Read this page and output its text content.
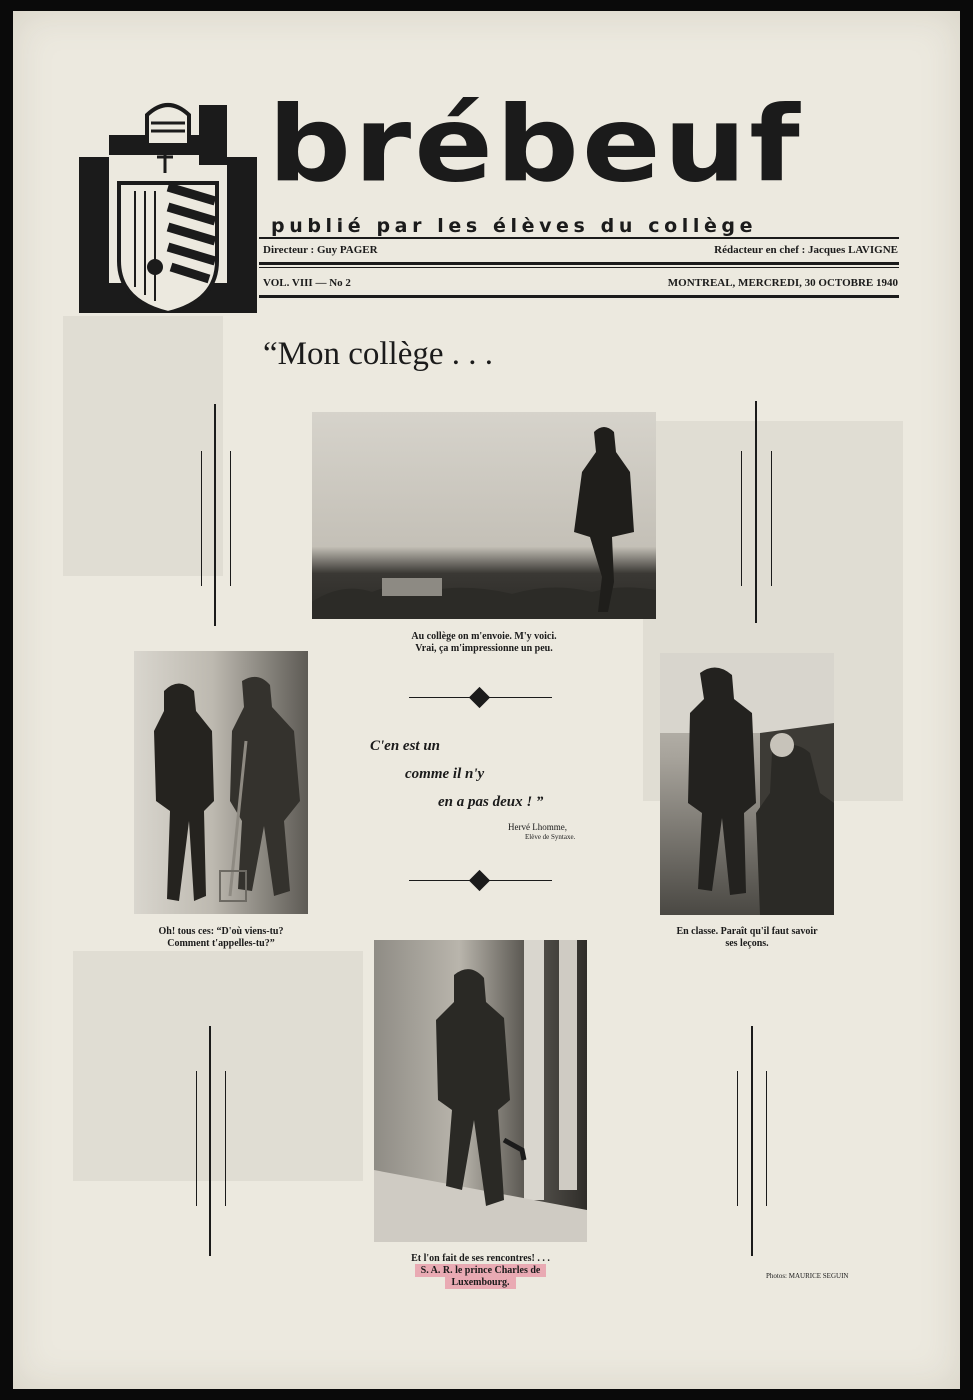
brébeuf
publié par les élèves du collège
Directeur : Guy PAGER	Rédacteur en chef : Jacques LAVIGNE
VOL. VIII — No 2	MONTREAL, MERCREDI, 30 OCTOBRE 1940
“Mon collège . . .
Au collège on m'envoie. M'y voici.
Vrai, ça m'impressionne un peu.
Oh! tous ces: “D'où viens-tu?
Comment t'appelles-tu?”
C'en est un
comme il n'y
en a pas deux ! ”
Hervé Lhomme,
Elève de Syntaxe.
En classe. Paraît qu'il faut savoir
ses leçons.
Et l'on fait de ses rencontres! . . .
S. A. R. le prince Charles de
Luxembourg.
Photos: MAURICE SEGUIN
